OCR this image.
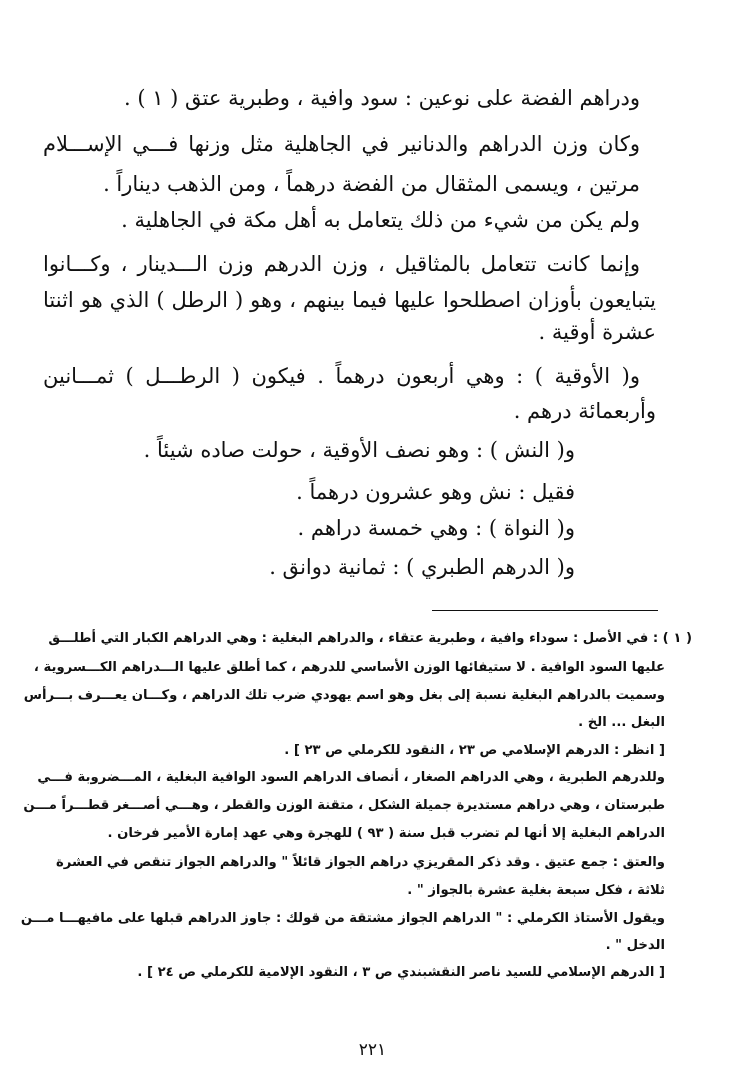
ودراهم الفضة على نوعين : سود وافية ، وطبرية عتق ( ١ ) .
وكان وزن الدراهم والدنانير في الجاهلية مثل وزنها فـــي الإســـلام
مرتين ، ويسمى المثقال من الفضة درهماً ، ومن الذهب ديناراً .
ولم يكن من شيء من ذلك يتعامل به أهل مكة في الجاهلية .
وإنما كانت تتعامل بالمثاقيل ، وزن الدرهم وزن الـــدينار ، وكـــانوا
يتبايعون بأوزان اصطلحوا عليها فيما بينهم ، وهو ( الرطل ) الذي هو اثنتا
عشرة أوقية .
و( الأوقية ) : وهي أربعون درهماً . فيكون ( الرطـــل ) ثمـــانين
وأربعمائة درهم .
و( النش ) : وهو نصف الأوقية ، حولت صاده شيئاً .
فقيل : نش وهو عشرون درهماً .
و( النواة ) : وهي خمسة دراهم .
و( الدرهم الطبري ) : ثمانية دوانق .
( ١ ) : في الأصل : سوداء وافية ، وطبرية عتقاء ، والدراهم البغلية : وهي الدراهم الكبار التي أطلـــق
عليها السود الوافية . لا ستيفائها الوزن الأساسي للدرهم ، كما أطلق عليها الـــدراهم الكـــسروية ،
وسميت بالدراهم البغلية نسبة إلى بغل وهو اسم يهودي ضرب تلك الدراهم ، وكـــان يعـــرف بـــرأس
البغل ... الخ .
[ انظر : الدرهم الإسلامي ص ٢٣ ، النقود للكرملي ص ٢٣ ] .
وللدرهم الطبرية ، وهي الدراهم الصغار ، أنصاف الدراهم السود الوافية البغلية ، المـــضروبة فـــي
طبرستان ، وهي دراهم مستديرة جميلة الشكل ، متقنة الوزن والقطر ، وهـــي أصـــغر قطـــراً مـــن
الدراهم البغلية إلا أنها لم تضرب قبل سنة ( ٩٣ ) للهجرة وهي عهد إمارة الأمير فرخان .
والعتق : جمع عتيق . وقد ذكر المقريزي دراهم الجواز قائلاً " والدراهم الجواز تنقص في العشرة
ثلاثة ، فكل سبعة بغلية عشرة بالجواز " .
ويقول الأستاذ الكرملي : " الدراهم الجواز مشتقة من قولك : جاوز الدراهم قبلها على مافيهـــا مـــن
الدخل " .
[ الدرهم الإسلامي للسيد ناصر النقشبندي ص ٣ ، النقود الإلامية للكرملي ص ٢٤ ] .
٢٢١
